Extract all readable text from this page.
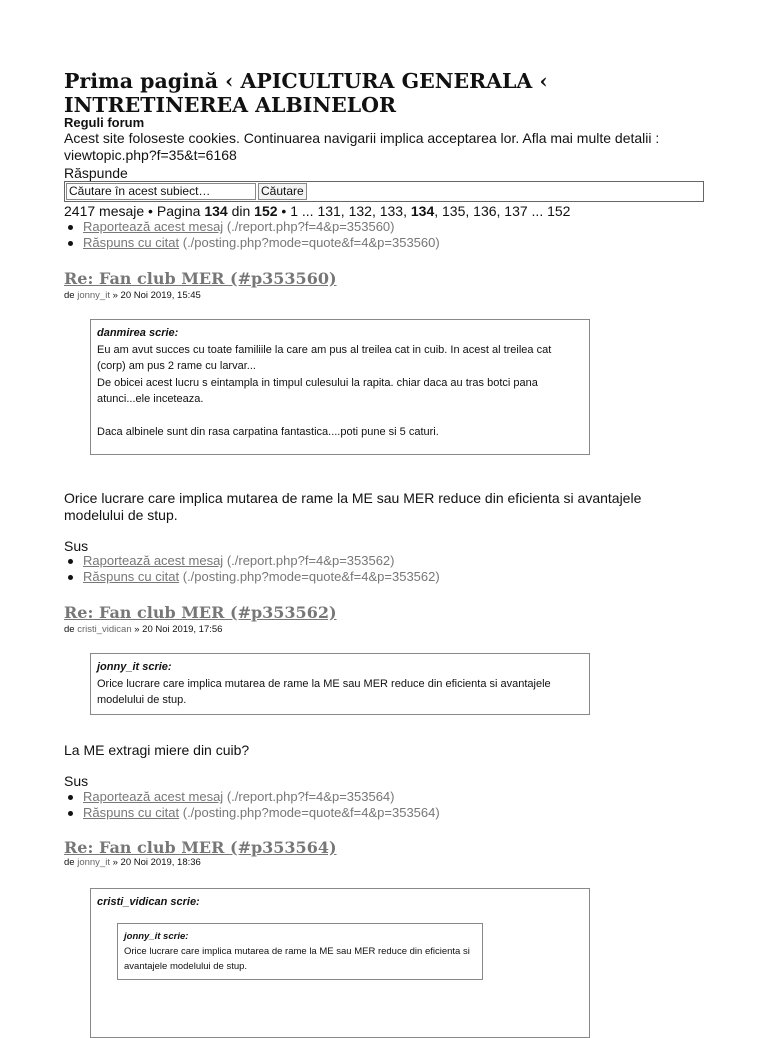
Prima pagină ‹ APICULTURA GENERALA ‹ INTRETINEREA ALBINELOR
Reguli forum
Acest site foloseste cookies. Continuarea navigarii implica acceptarea lor. Afla mai multe detalii : viewtopic.php?f=35&t=6168
Răspunde
Căutare în acest subiect…	Căutare
2417 mesaje • Pagina 134 din 152 • 1 ... 131, 132, 133, 134, 135, 136, 137 ... 152
Raportează acest mesaj (./report.php?f=4&p=353560)
Răspuns cu citat (./posting.php?mode=quote&f=4&p=353560)
Re: Fan club MER (#p353560)
de jonny_it » 20 Noi 2019, 15:45
danmirea scrie:
Eu am avut succes cu toate familiile la care am pus al treilea cat in cuib. In acest al treilea cat (corp) am pus 2 rame cu larvar...
De obicei acest lucru s eintampla in timpul culesului la rapita. chiar daca au tras botci pana atunci...ele inceteaza.
Daca albinele sunt din rasa carpatina fantastica....poti pune si 5 caturi.
Orice lucrare care implica mutarea de rame la ME sau MER reduce din eficienta si avantajele modelului de stup.
Sus
Raportează acest mesaj (./report.php?f=4&p=353562)
Răspuns cu citat (./posting.php?mode=quote&f=4&p=353562)
Re: Fan club MER (#p353562)
de cristi_vidican » 20 Noi 2019, 17:56
jonny_it scrie:
Orice lucrare care implica mutarea de rame la ME sau MER reduce din eficienta si avantajele modelului de stup.
La ME extragi miere din cuib?
Sus
Raportează acest mesaj (./report.php?f=4&p=353564)
Răspuns cu citat (./posting.php?mode=quote&f=4&p=353564)
Re: Fan club MER (#p353564)
de jonny_it » 20 Noi 2019, 18:36
cristi_vidican scrie:
jonny_it scrie:
Orice lucrare care implica mutarea de rame la ME sau MER reduce din eficienta si avantajele modelului de stup.
